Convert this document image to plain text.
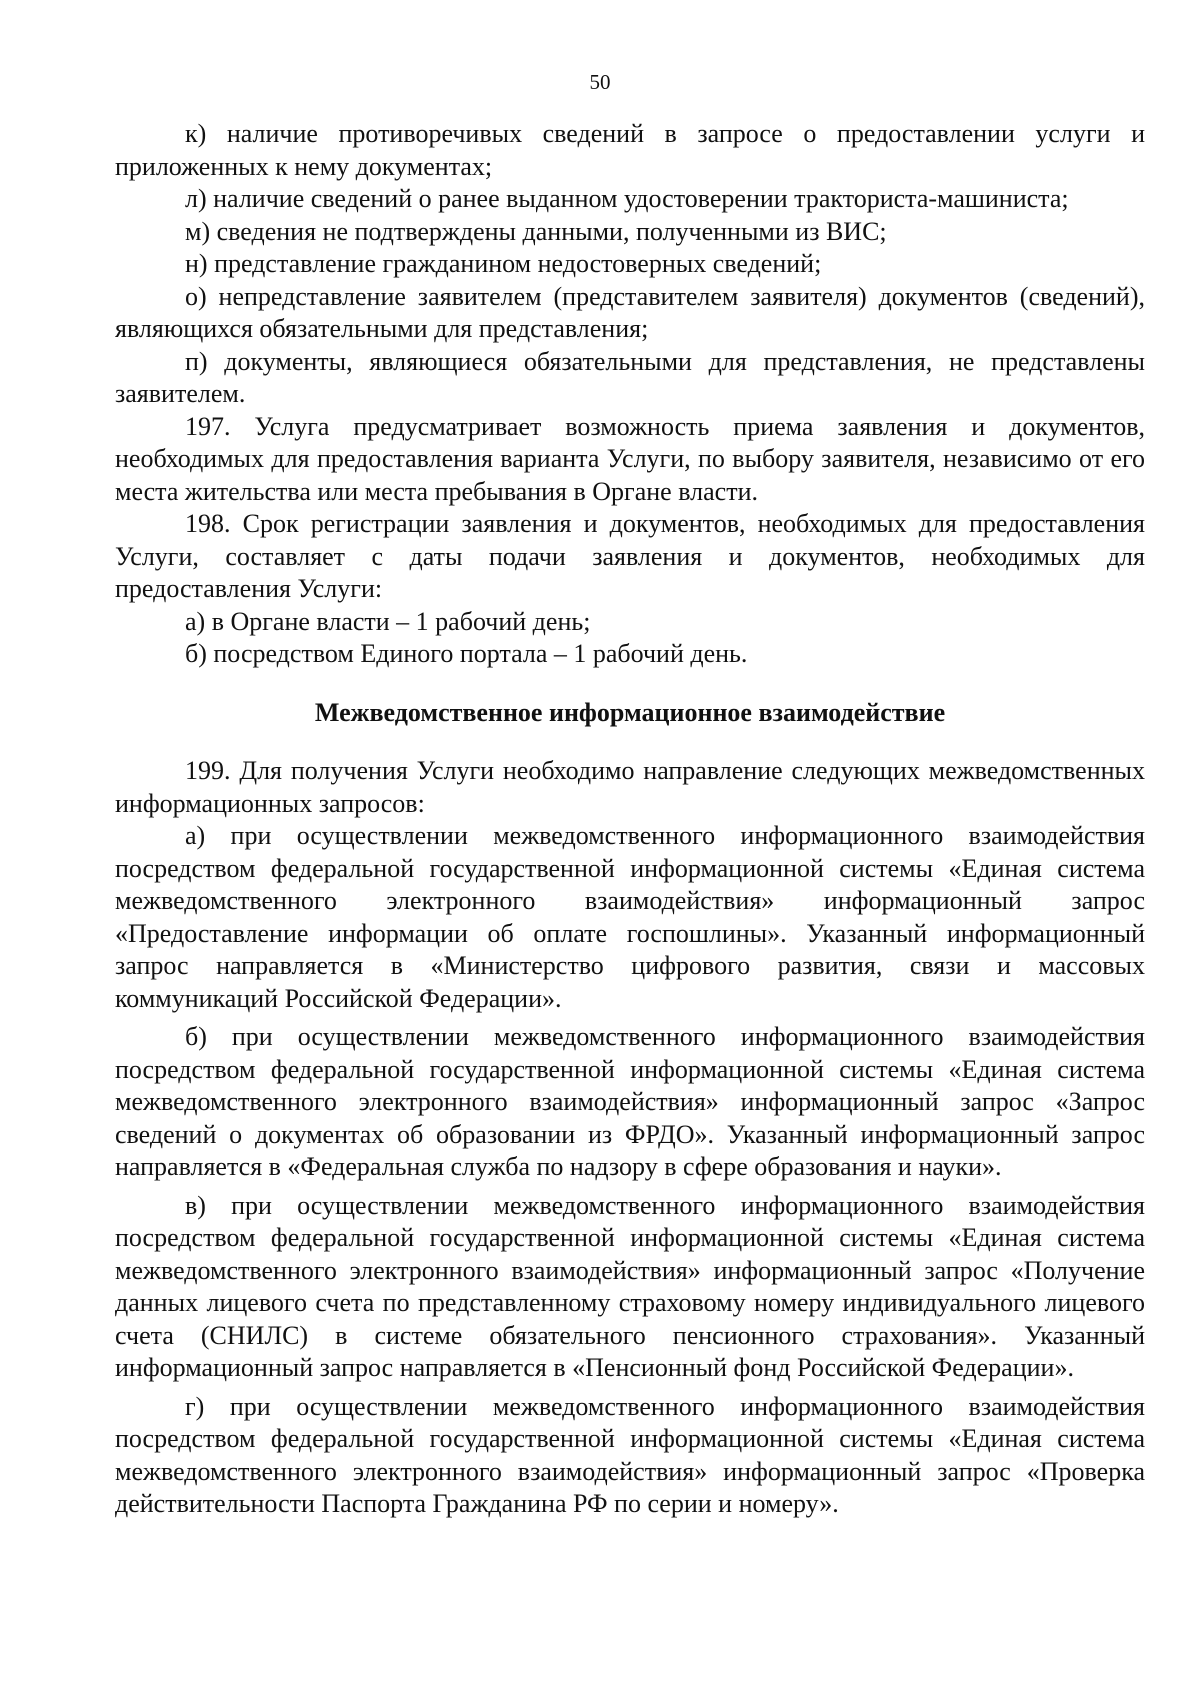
50

к) наличие противоречивых сведений в запросе о предоставлении услуги и приложенных к нему документах;

л) наличие сведений о ранее выданном удостоверении тракториста-машиниста;

м) сведения не подтверждены данными, полученными из ВИС;

н) представление гражданином недостоверных сведений;

о) непредставление заявителем (представителем заявителя) документов (сведений), являющихся обязательными для представления;

п) документы, являющиеся обязательными для представления, не представлены заявителем.

197. Услуга предусматривает возможность приема заявления и документов, необходимых для предоставления варианта Услуги, по выбору заявителя, независимо от его места жительства или места пребывания в Органе власти.

198. Срок регистрации заявления и документов, необходимых для предоставления Услуги, составляет с даты подачи заявления и документов, необходимых для предоставления Услуги:

а) в Органе власти – 1 рабочий день;

б) посредством Единого портала – 1 рабочий день.

Межведомственное информационное взаимодействие

199. Для получения Услуги необходимо направление следующих межведомственных информационных запросов:

а) при осуществлении межведомственного информационного взаимодействия посредством федеральной государственной информационной системы «Единая система межведомственного электронного взаимодействия» информационный запрос «Предоставление информации об оплате госпошлины». Указанный информационный запрос направляется в «Министерство цифрового развития, связи и массовых коммуникаций Российской Федерации».

б) при осуществлении межведомственного информационного взаимодействия посредством федеральной государственной информационной системы «Единая система межведомственного электронного взаимодействия» информационный запрос «Запрос сведений о документах об образовании из ФРДО». Указанный информационный запрос направляется в «Федеральная служба по надзору в сфере образования и науки».

в) при осуществлении межведомственного информационного взаимодействия посредством федеральной государственной информационной системы «Единая система межведомственного электронного взаимодействия» информационный запрос «Получение данных лицевого счета по представленному страховому номеру индивидуального лицевого счета (СНИЛС) в системе обязательного пенсионного страхования». Указанный информационный запрос направляется в «Пенсионный фонд Российской Федерации».

г) при осуществлении межведомственного информационного взаимодействия посредством федеральной государственной информационной системы «Единая система межведомственного электронного взаимодействия» информационный запрос «Проверка действительности Паспорта Гражданина РФ по серии и номеру».
